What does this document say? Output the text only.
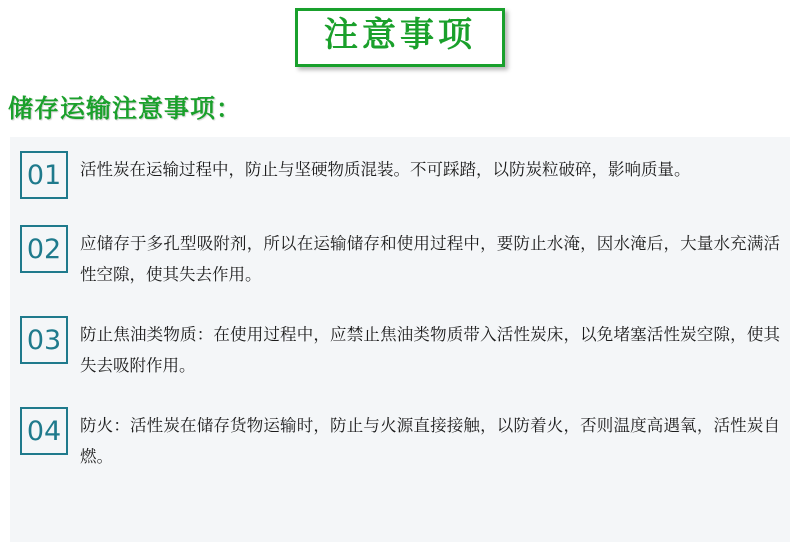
注意事项
储存运输注意事项：
01	活性炭在运输过程中，防止与坚硬物质混装。不可踩踏，以防炭粒破碎，影响质量。
02	应储存于多孔型吸附剂，所以在运输储存和使用过程中，要防止水淹，因水淹后，大量水充满活性空隙，使其失去作用。
03	防止焦油类物质：在使用过程中，应禁止焦油类物质带入活性炭床，以免堵塞活性炭空隙，使其失去吸附作用。
04	防火：活性炭在储存货物运输时，防止与火源直接接触，以防着火，否则温度高遇氧，活性炭自燃。
